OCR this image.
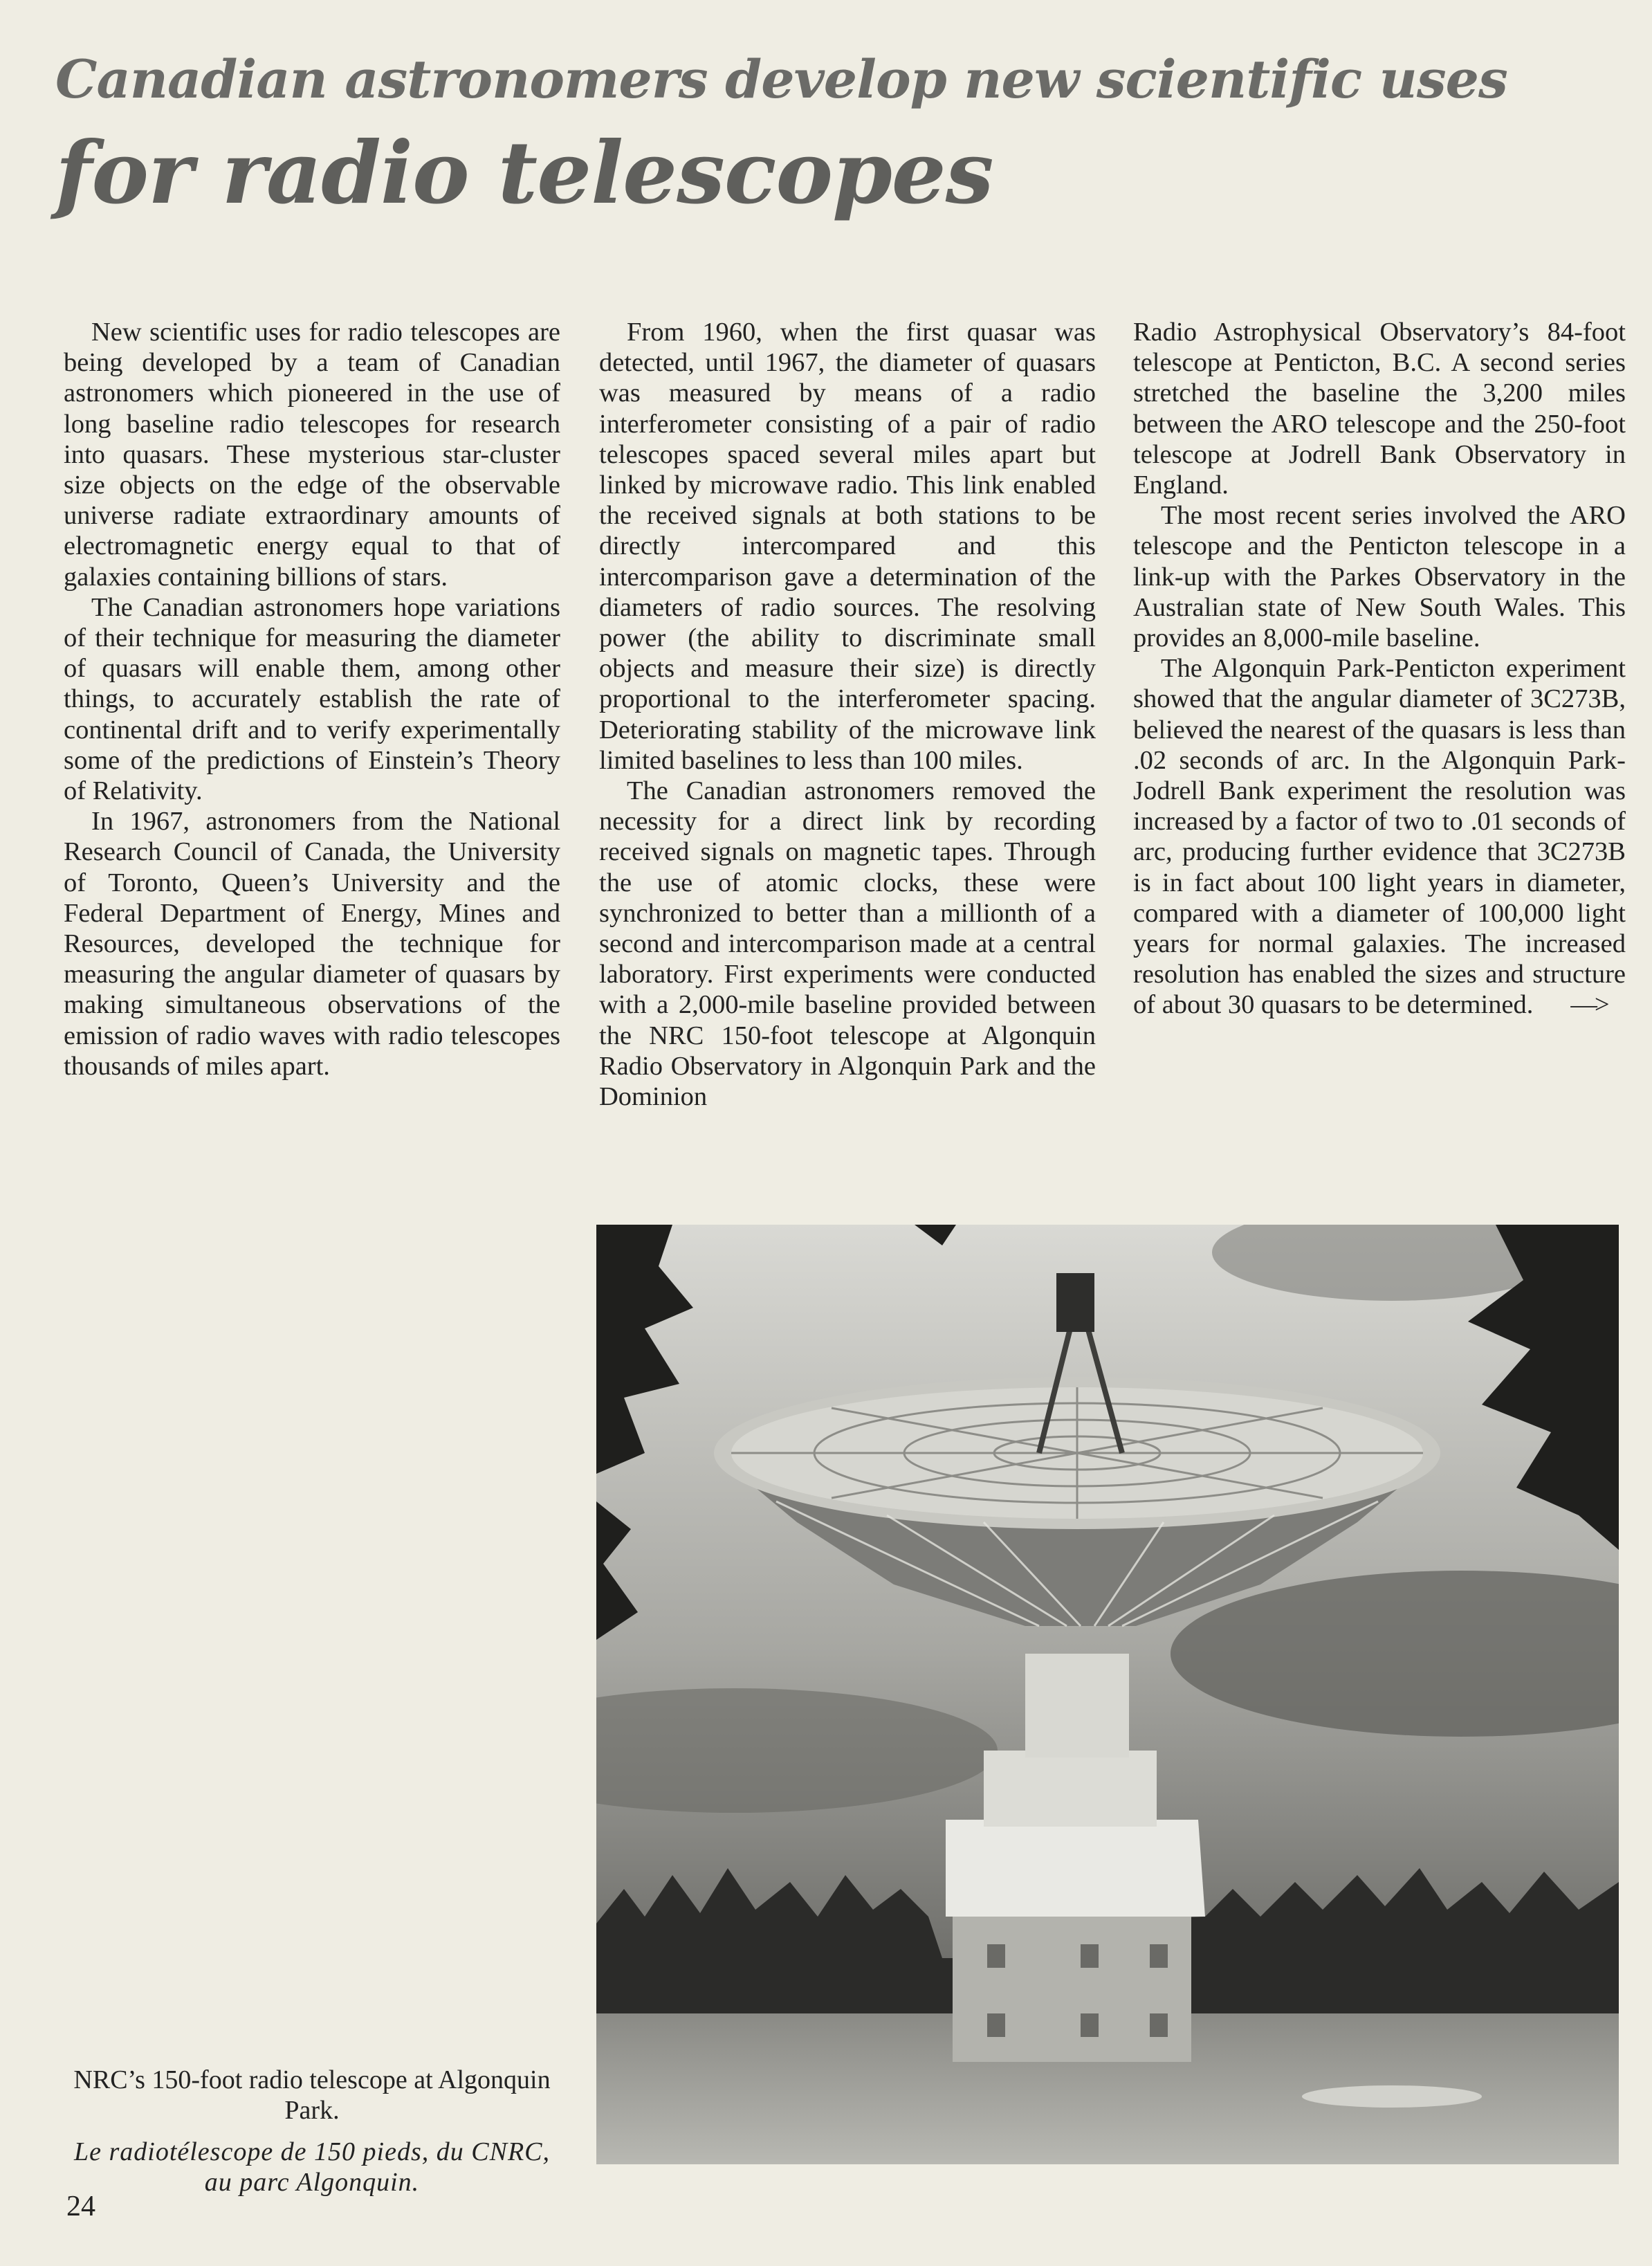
Canadian astronomers develop new scientific uses
for radio telescopes

New scientific uses for radio telescopes are being developed by a team of Canadian astronomers which pioneered in the use of long baseline radio telescopes for research into quasars. These mysterious star-cluster size objects on the edge of the observable universe radiate extraordinary amounts of electromagnetic energy equal to that of galaxies containing billions of stars.

The Canadian astronomers hope variations of their technique for measuring the diameter of quasars will enable them, among other things, to accurately establish the rate of continental drift and to verify experimentally some of the predictions of Einstein’s Theory of Relativity.

In 1967, astronomers from the National Research Council of Canada, the University of Toronto, Queen’s University and the Federal Department of Energy, Mines and Resources, developed the technique for measuring the angular diameter of quasars by making simultaneous observations of the emission of radio waves with radio telescopes thousands of miles apart.

From 1960, when the first quasar was detected, until 1967, the diameter of quasars was measured by means of a radio interferometer consisting of a pair of radio telescopes spaced several miles apart but linked by microwave radio. This link enabled the received signals at both stations to be directly intercompared and this intercomparison gave a determination of the diameters of radio sources. The resolving power (the ability to discriminate small objects and measure their size) is directly proportional to the interferometer spacing. Deteriorating stability of the microwave link limited baselines to less than 100 miles.

The Canadian astronomers removed the necessity for a direct link by recording received signals on magnetic tapes. Through the use of atomic clocks, these were synchronized to better than a millionth of a second and intercomparison made at a central laboratory. First experiments were conducted with a 2,000-mile baseline provided between the NRC 150-foot telescope at Algonquin Radio Observatory in Algonquin Park and the Dominion

Radio Astrophysical Observatory’s 84-foot telescope at Penticton, B.C. A second series stretched the baseline the 3,200 miles between the ARO telescope and the 250-foot telescope at Jodrell Bank Observatory in England.

The most recent series involved the ARO telescope and the Penticton telescope in a link-up with the Parkes Observatory in the Australian state of New South Wales. This provides an 8,000-mile baseline.

The Algonquin Park-Penticton experiment showed that the angular diameter of 3C273B, believed the nearest of the quasars is less than .02 seconds of arc. In the Algonquin Park-Jodrell Bank experiment the resolution was increased by a factor of two to .01 seconds of arc, producing further evidence that 3C273B is in fact about 100 light years in diameter, compared with a diameter of 100,000 light years for normal galaxies. The increased resolution has enabled the sizes and structure of about 30 quasars to be determined. —>

NRC’s 150-foot radio telescope at Algonquin Park.

Le radiotélescope de 150 pieds, du CNRC, au parc Algonquin.

24
